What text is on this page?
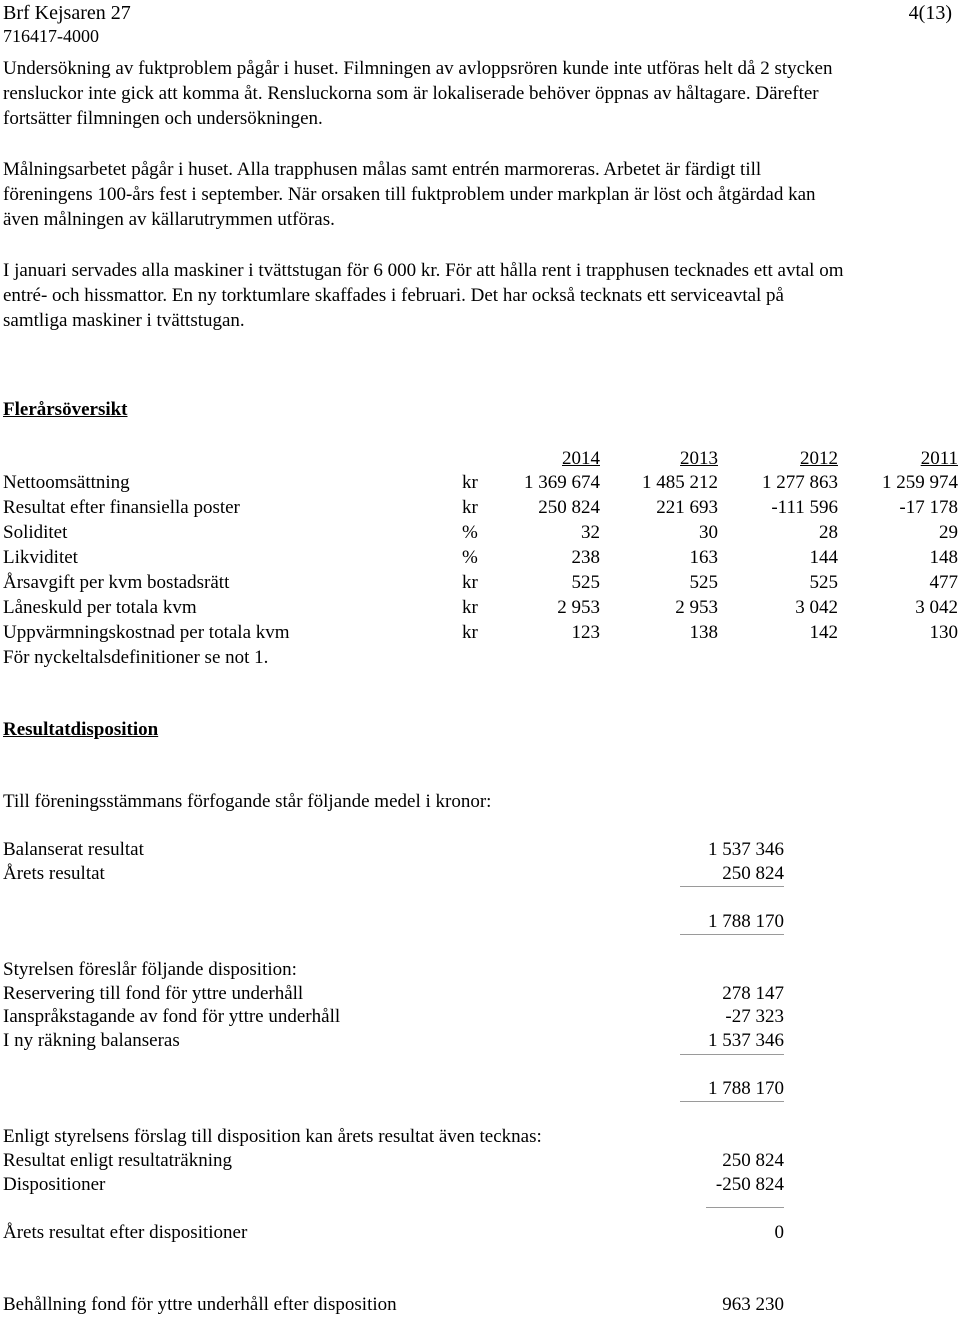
Brf Kejsaren 27
716417-4000
4(13)
Undersökning av fuktproblem pågår i huset. Filmningen av avloppsrören kunde inte utföras helt då 2 stycken
rensluckor inte gick att komma åt. Rensluckorna som är lokaliserade behöver öppnas av håltagare. Därefter
fortsätter filmningen och undersökningen.
Målningsarbetet pågår i huset. Alla trapphusen målas samt entrén marmoreras. Arbetet är färdigt till
föreningens 100-års fest i september. När orsaken till fuktproblem under markplan är löst och åtgärdad kan
även målningen av källarutrymmen utföras.
I januari servades alla maskiner i tvättstugan för 6 000 kr. För att hålla rent i trapphusen tecknades ett avtal om
entré- och hissmattor. En ny torktumlare skaffades i februari. Det har också tecknats ett serviceavtal på
samtliga maskiner i tvättstugan.
Flerårsöversikt
2014	2013	2012	2011
Nettoomsättning	kr	1 369 674	1 485 212	1 277 863	1 259 974
Resultat efter finansiella poster	kr	250 824	221 693	-111 596	-17 178
Soliditet	%	32	30	28	29
Likviditet	%	238	163	144	148
Årsavgift per kvm bostadsrätt	kr	525	525	525	477
Låneskuld per totala kvm	kr	2 953	2 953	3 042	3 042
Uppvärmningskostnad per totala kvm	kr	123	138	142	130
För nyckeltalsdefinitioner se not 1.
Resultatdisposition
Till föreningsstämmans förfogande står följande medel i kronor:
Balanserat resultat	1 537 346
Årets resultat	250 824
1 788 170
Styrelsen föreslår följande disposition:
Reservering till fond för yttre underhåll	278 147
Ianspråkstagande av fond för yttre underhåll	-27 323
I ny räkning balanseras	1 537 346
1 788 170
Enligt styrelsens förslag till disposition kan årets resultat även tecknas:
Resultat enligt resultaträkning	250 824
Dispositioner	-250 824
Årets resultat efter dispositioner	0
Behållning fond för yttre underhåll efter disposition	963 230
